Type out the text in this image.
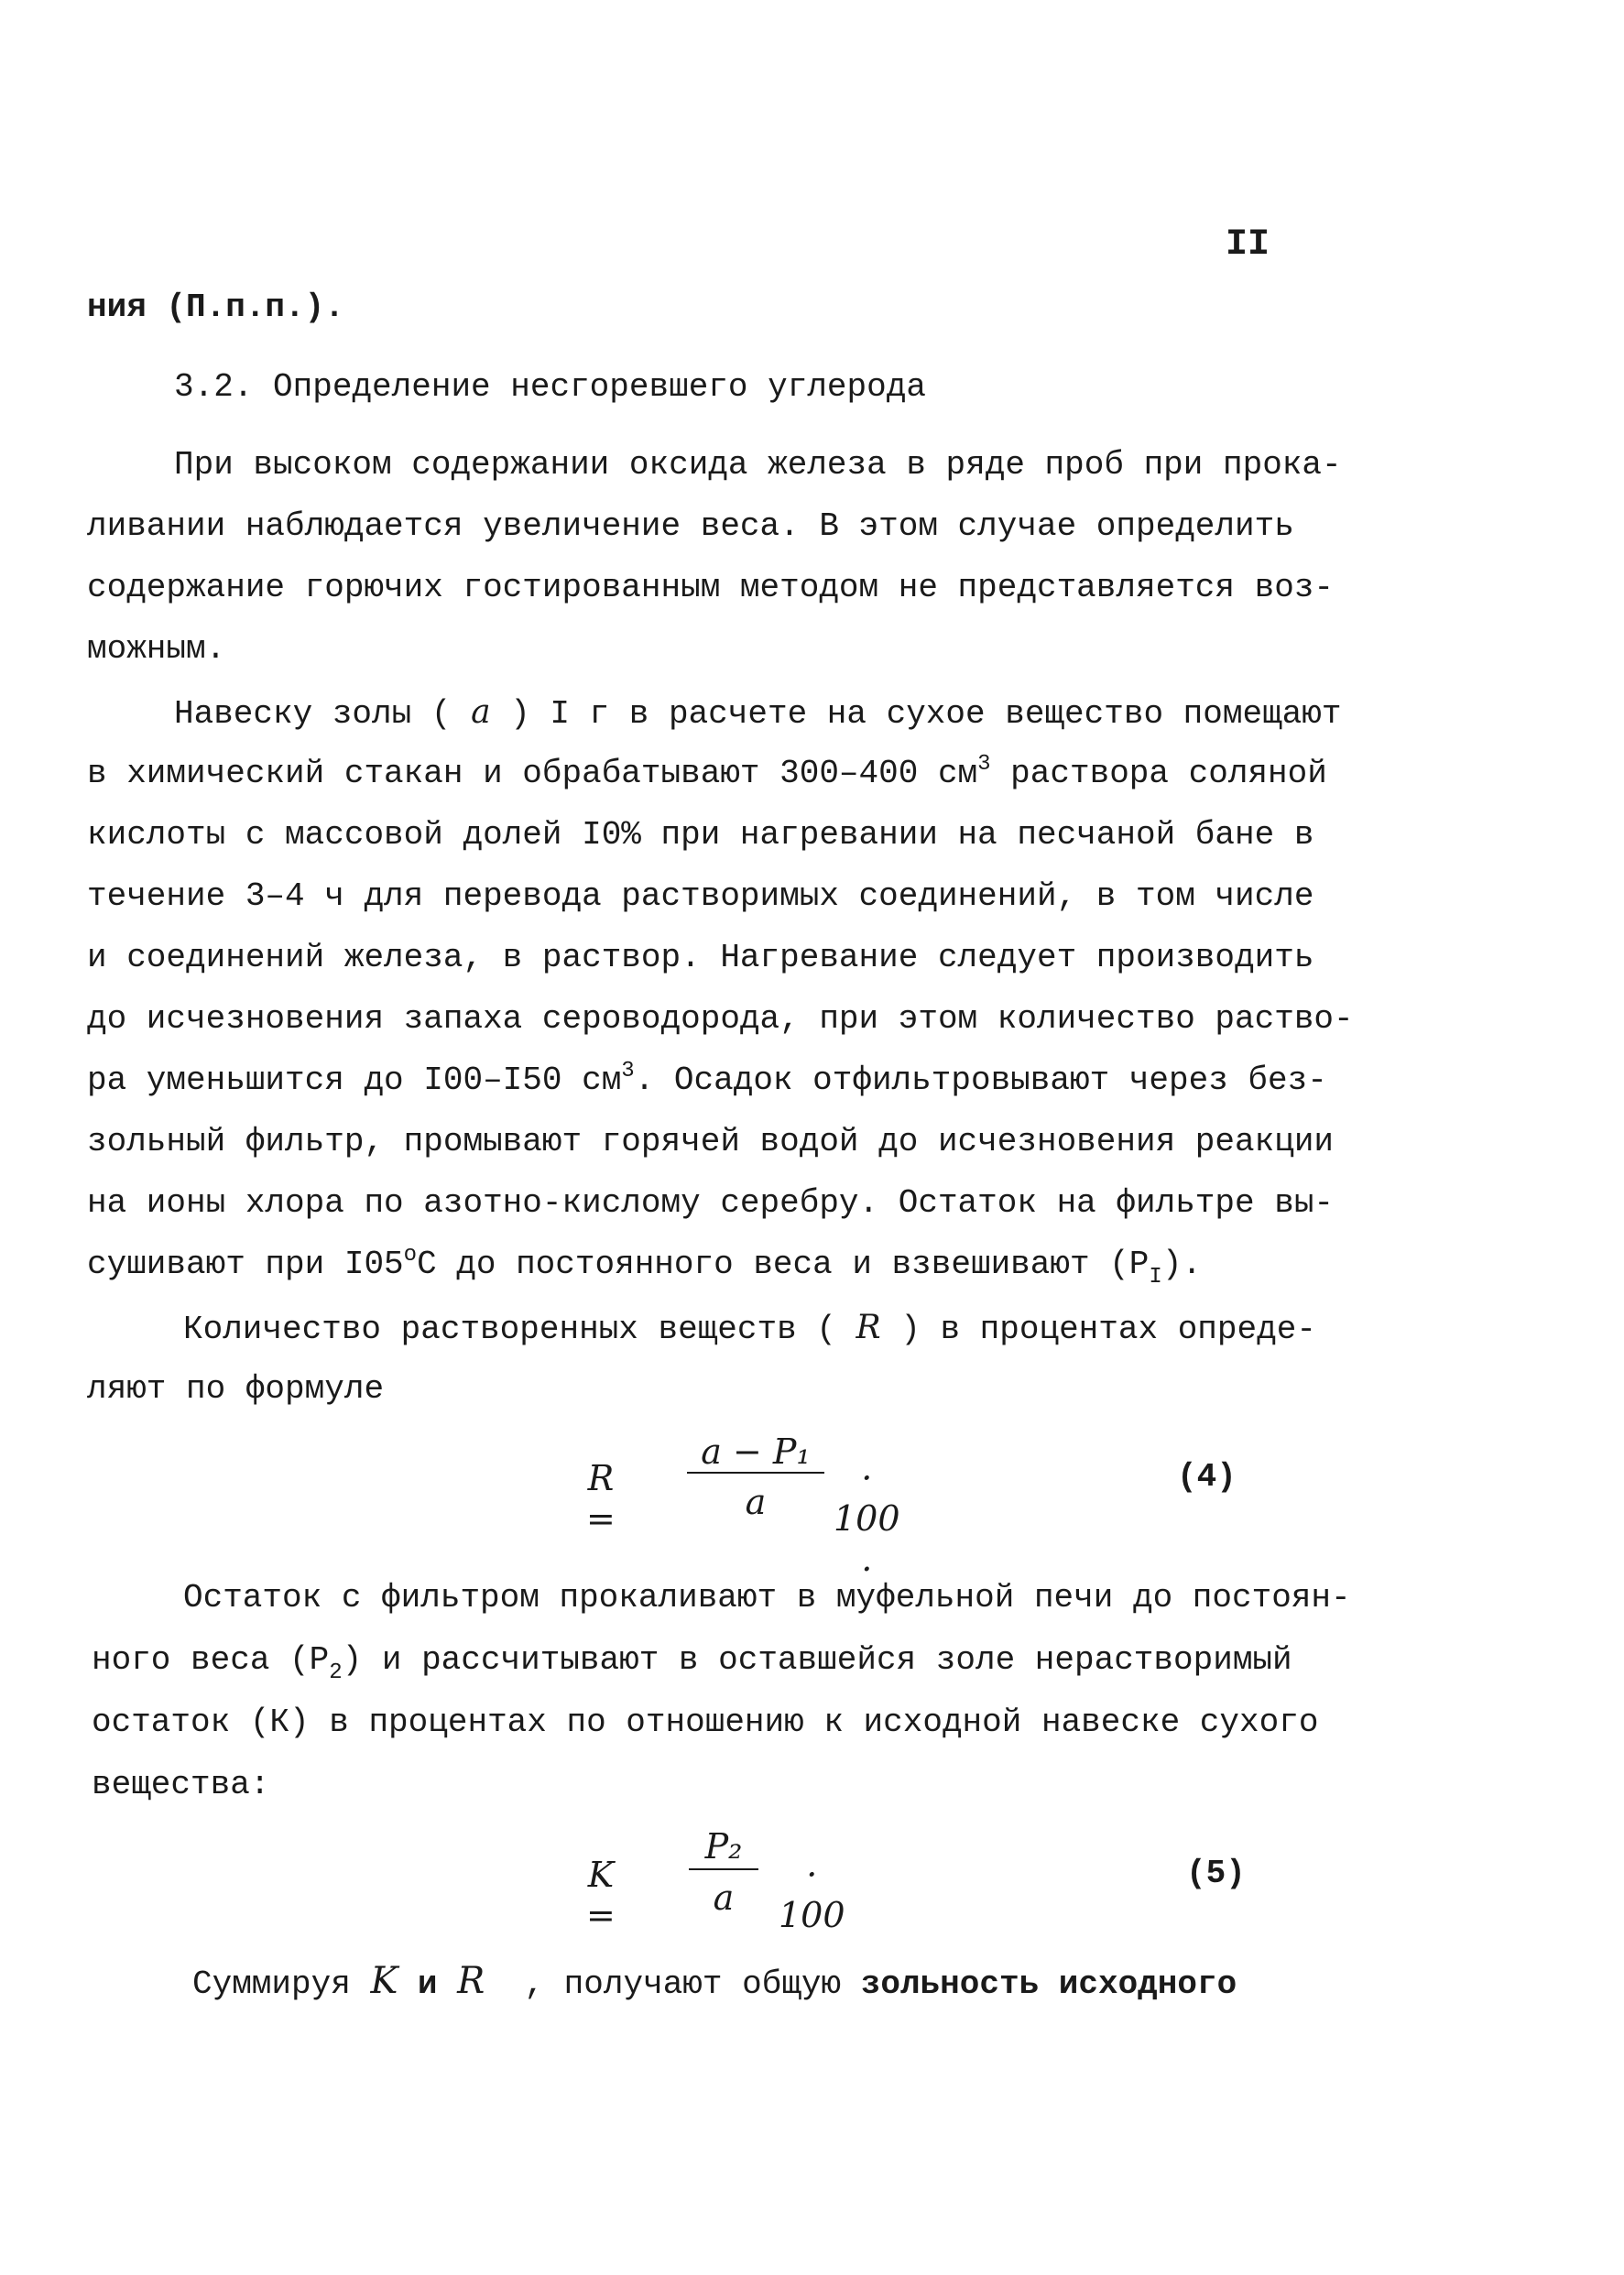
II
ния (П.п.п.).
3.2. Определение несгоревшего углерода
При высоком содержании оксида железа в ряде проб при прока-
ливании наблюдается увеличение веса. В этом случае определить
содержание горючих гостированным методом не представляется воз-
можным.
Навеску золы ( a ) I г в расчете на сухое вещество помещают
в химический стакан и обрабатывают 300–400 $см^3$ раствора соляной
кислоты с массовой долей I0% при нагревании на песчаной бане в
течение 3–4 ч для перевода растворимых соединений, в том числе
и соединений железа, в раствор. Нагревание следует производить
до исчезновения запаха сероводорода, при этом количество раство-
ра уменьшится до I00–I50 $см^3$. Осадок отфильтровывают через без-
зольный фильтр, промывают горячей водой до исчезновения реакции
на ионы хлора по азотно-кислому серебру. Остаток на фильтре вы-
сушивают при $I05^оС$ до постоянного веса и взвешивают $(P_I)$.
Количество растворенных веществ ( R ) в процентах опреде-
ляют по формуле
R =
a − P₁
a
· 100 .
(4)
Остаток с фильтром прокаливают в муфельной печи до постоян-
ного веса $(P_2)$ и рассчитывают в оставшейся золе нерастворимый
остаток (К) в процентах по отношению к исходной навеске сухого
вещества:
K =
P₂
a
· 100
(5)
Суммируя K и R  , получают общую зольность исходного
